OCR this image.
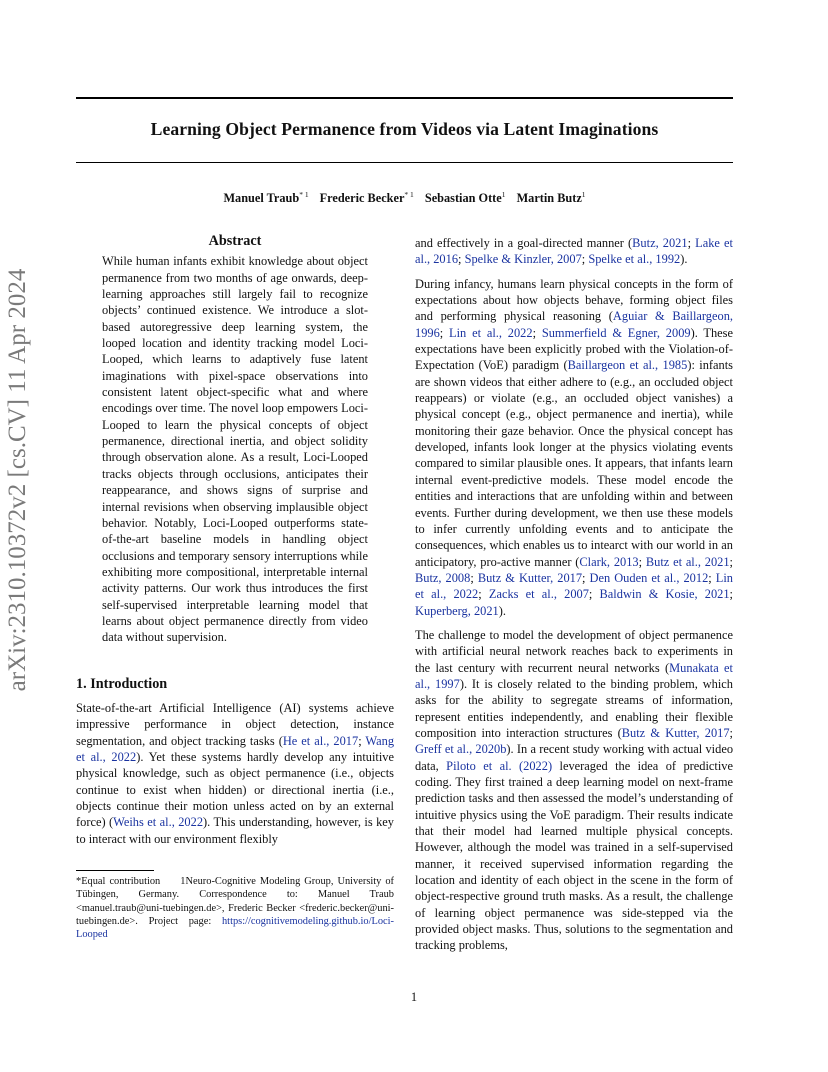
Learning Object Permanence from Videos via Latent Imaginations
Manuel Traub$^{* 1}$ Frederic Becker$^{* 1}$ Sebastian Otte$^1$ Martin Butz$^1$
arXiv:2310.10372v2 [cs.CV] 11 Apr 2024
Abstract

While human infants exhibit knowledge about object permanence from two months of age onwards, deep-learning approaches still largely fail to recognize objects’ continued existence. We introduce a slot-based autoregressive deep learning system, the looped location and identity tracking model Loci-Looped, which learns to adaptively fuse latent imaginations with pixel-space observations into consistent latent object-specific what and where encodings over time. The novel loop empowers Loci-Looped to learn the physical concepts of object permanence, directional inertia, and object solidity through observation alone. As a result, Loci-Looped tracks objects through occlusions, anticipates their reappearance, and shows signs of surprise and internal revisions when observing implausible object behavior. Notably, Loci-Looped outperforms state-of-the-art baseline models in handling object occlusions and temporary sensory interruptions while exhibiting more compositional, interpretable internal activity patterns. Our work thus introduces the first self-supervised interpretable learning model that learns about object permanence directly from video data without supervision.

1. Introduction

State-of-the-art Artificial Intelligence (AI) systems achieve impressive performance in object detection, instance segmentation, and object tracking tasks (He et al., 2017; Wang et al., 2022). Yet these systems hardly develop any intuitive physical knowledge, such as object permanence (i.e., objects continue to exist when hidden) or directional inertia (i.e., objects continue their motion unless acted on by an external force) (Weihs et al., 2022). This understanding, however, is key to interact with our environment flexibly

*Equal contribution 1Neuro-Cognitive Modeling Group, University of Tübingen, Germany. Correspondence to: Manuel Traub <manuel.traub@uni-tuebingen.de>, Frederic Becker <frederic.becker@uni-tuebingen.de>. Project page: https://cognitivemodeling.github.io/Loci-Looped

and effectively in a goal-directed manner (Butz, 2021; Lake et al., 2016; Spelke & Kinzler, 2007; Spelke et al., 1992).

During infancy, humans learn physical concepts in the form of expectations about how objects behave, forming object files and performing physical reasoning (Aguiar & Baillargeon, 1996; Lin et al., 2022; Summerfield & Egner, 2009). These expectations have been explicitly probed with the Violation-of-Expectation (VoE) paradigm (Baillargeon et al., 1985): infants are shown videos that either adhere to (e.g., an occluded object reappears) or violate (e.g., an occluded object vanishes) a physical concept (e.g., object permanence and inertia), while monitoring their gaze behavior. Once the physical concept has developed, infants look longer at the physics violating events compared to similar plausible ones. It appears, that infants learn internal event-predictive models. These model encode the entities and interactions that are unfolding within and between events. Further during development, we then use these models to infer currently unfolding events and to anticipate the consequences, which enables us to intearct with our world in an anticipatory, pro-active manner (Clark, 2013; Butz et al., 2021; Butz, 2008; Butz & Kutter, 2017; Den Ouden et al., 2012; Lin et al., 2022; Zacks et al., 2007; Baldwin & Kosie, 2021; Kuperberg, 2021).

The challenge to model the development of object permanence with artificial neural network reaches back to experiments in the last century with recurrent neural networks (Munakata et al., 1997). It is closely related to the binding problem, which asks for the ability to segregate streams of information, represent entities independently, and enabling their flexible composition into interaction structures (Butz & Kutter, 2017; Greff et al., 2020b). In a recent study working with actual video data, Piloto et al. (2022) leveraged the idea of predictive coding. They first trained a deep learning model on next-frame prediction tasks and then assessed the model’s understanding of intuitive physics using the VoE paradigm. Their results indicate that their model had learned multiple physical concepts. However, although the model was trained in a self-supervised manner, it received supervised information regarding the location and identity of each object in the scene in the form of object-respective ground truth masks. As a result, the challenge of learning object permanence was side-stepped via the provided object masks. Thus, solutions to the segmentation and tracking problems,

1
